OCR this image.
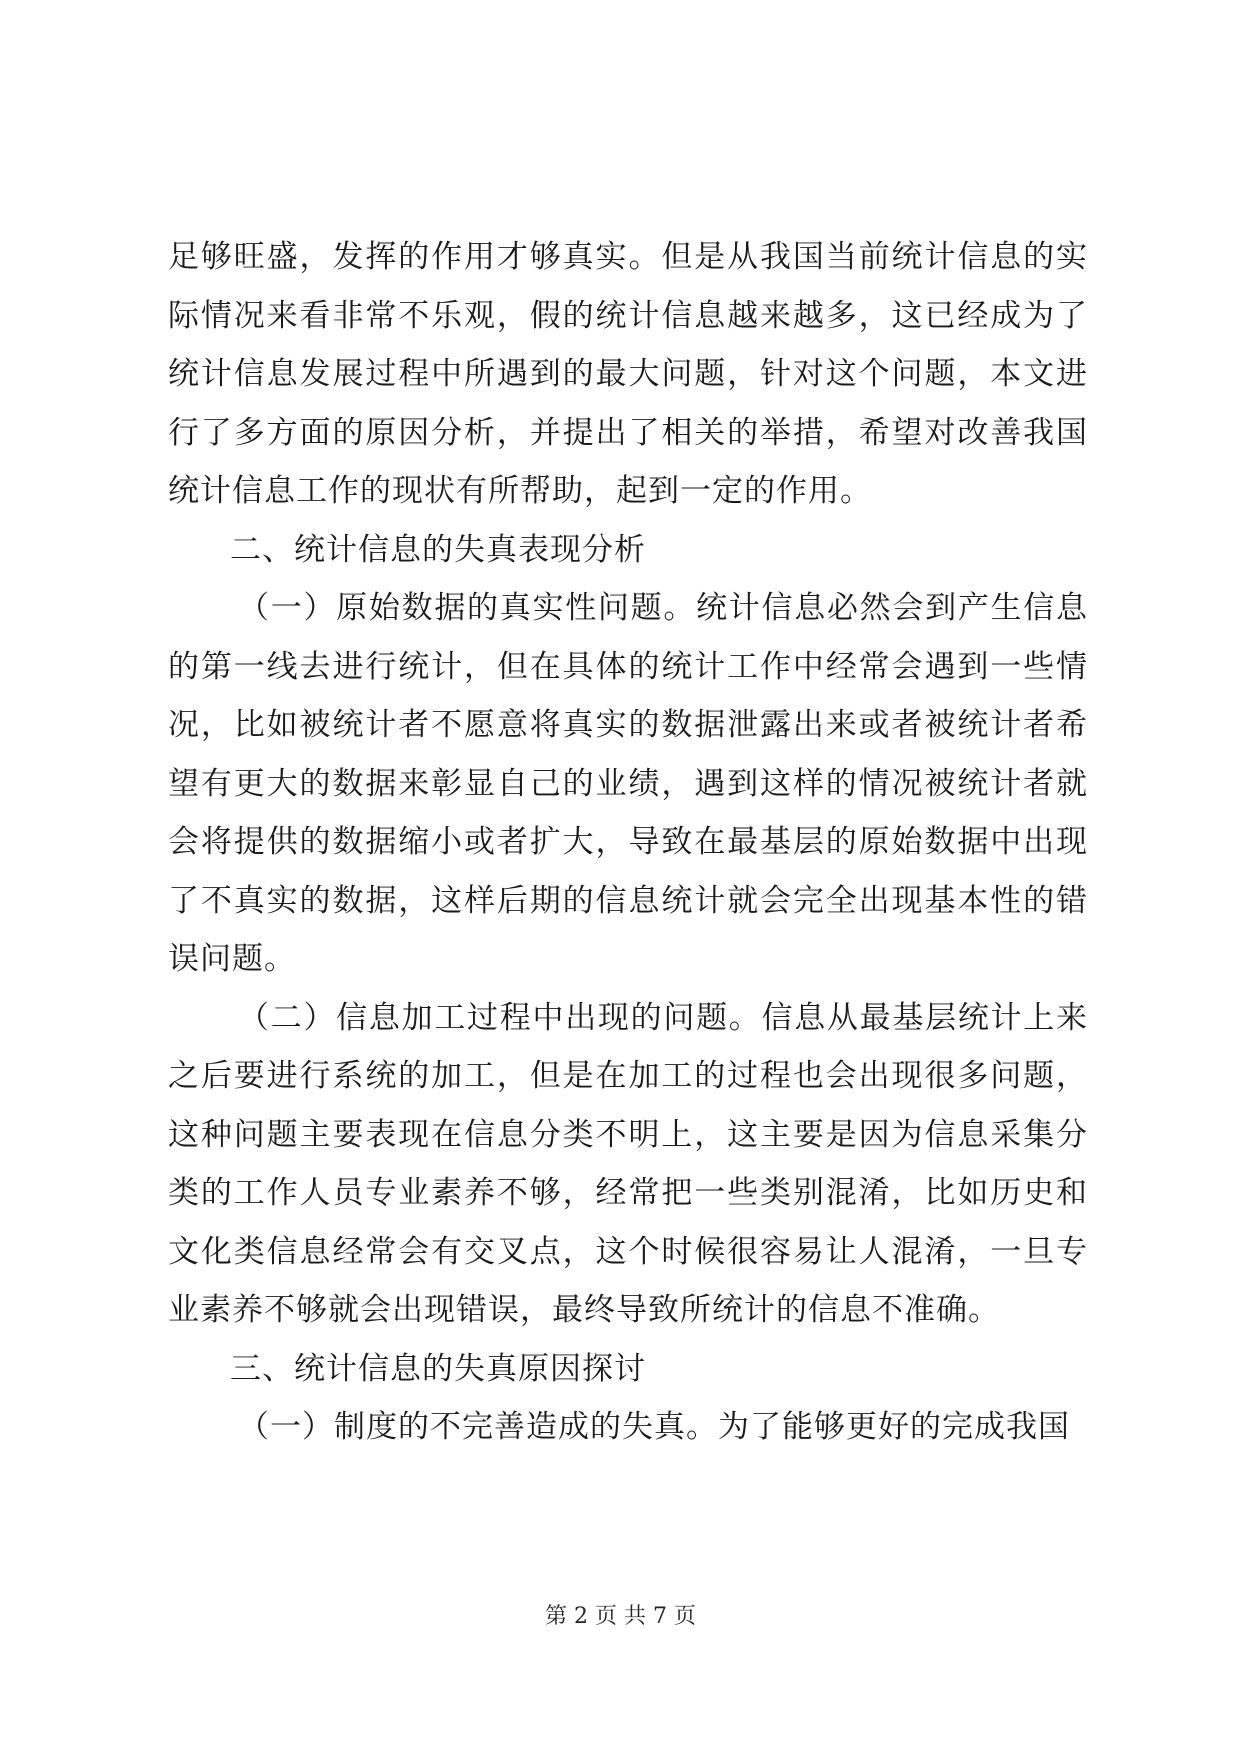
足够旺盛，发挥的作用才够真实。但是从我国当前统计信息的实际情况来看非常不乐观，假的统计信息越来越多，这已经成为了统计信息发展过程中所遇到的最大问题，针对这个问题，本文进行了多方面的原因分析，并提出了相关的举措，希望对改善我国统计信息工作的现状有所帮助，起到一定的作用。

二、统计信息的失真表现分析

（一）原始数据的真实性问题。统计信息必然会到产生信息的第一线去进行统计，但在具体的统计工作中经常会遇到一些情况，比如被统计者不愿意将真实的数据泄露出来或者被统计者希望有更大的数据来彰显自己的业绩，遇到这样的情况被统计者就会将提供的数据缩小或者扩大，导致在最基层的原始数据中出现了不真实的数据，这样后期的信息统计就会完全出现基本性的错误问题。

（二）信息加工过程中出现的问题。信息从最基层统计上来之后要进行系统的加工，但是在加工的过程也会出现很多问题，这种问题主要表现在信息分类不明上，这主要是因为信息采集分类的工作人员专业素养不够，经常把一些类别混淆，比如历史和文化类信息经常会有交叉点，这个时候很容易让人混淆，一旦专业素养不够就会出现错误，最终导致所统计的信息不准确。

三、统计信息的失真原因探讨

（一）制度的不完善造成的失真。为了能够更好的完成我国

第 2 页 共 7 页
